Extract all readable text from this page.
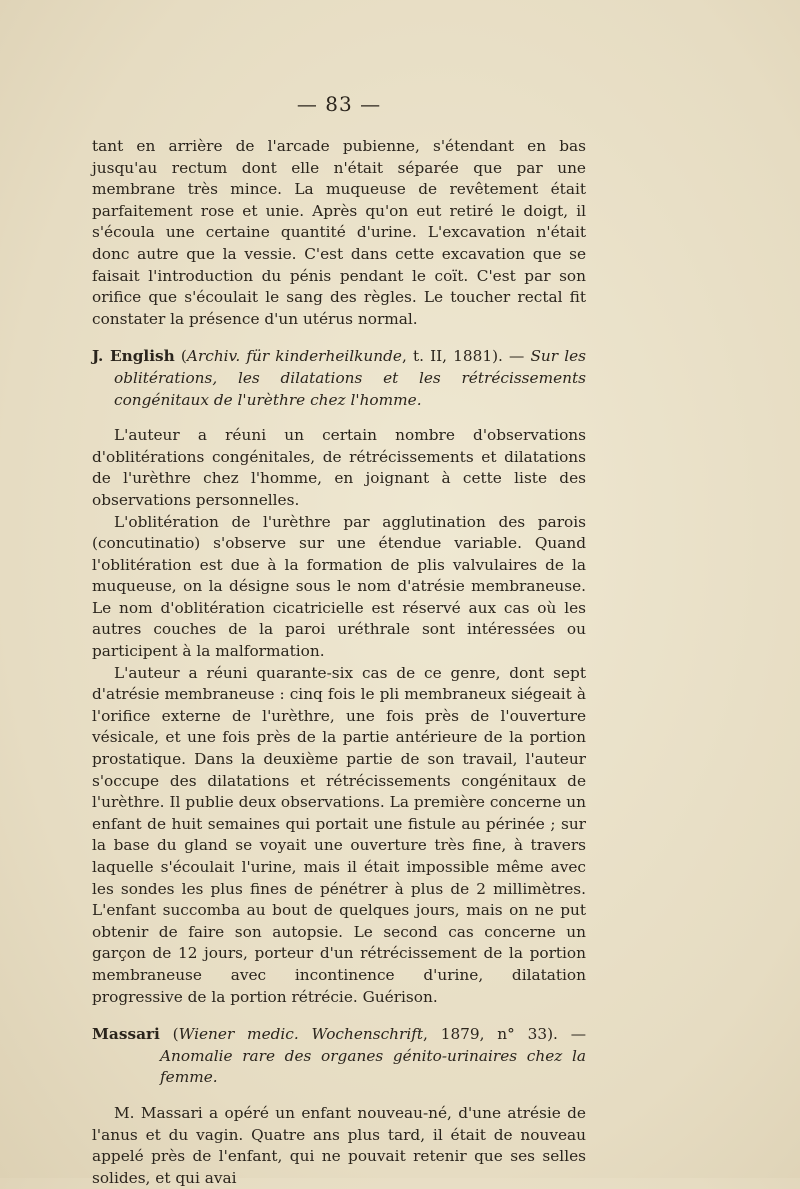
— 83 —

tant en arrière de l'arcade pubienne, s'étendant en bas jusqu'au rectum dont elle n'était séparée que par une membrane très mince. La muqueuse de revêtement était parfaitement rose et unie. Après qu'on eut retiré le doigt, il s'écoula une certaine quantité d'urine. L'excavation n'était donc autre que la vessie. C'est dans cette excavation que se faisait l'introduction du pénis pendant le coït. C'est par son orifice que s'écoulait le sang des règles. Le toucher rectal fit constater la présence d'un utérus normal.

J. English (Archiv. für kinderheilkunde, t. II, 1881). — Sur les oblitérations, les dilatations et les rétrécissements congénitaux de l'urèthre chez l'homme.

L'auteur a réuni un certain nombre d'observations d'oblitérations congénitales, de rétrécissements et dilatations de l'urèthre chez l'homme, en joignant à cette liste des observations personnelles.

L'oblitération de l'urèthre par agglutination des parois (concutinatio) s'observe sur une étendue variable. Quand l'oblitération est due à la formation de plis valvulaires de la muqueuse, on la désigne sous le nom d'atrésie membraneuse. Le nom d'oblitération cicatricielle est réservé aux cas où les autres couches de la paroi uréthrale sont intéressées ou participent à la malformation.

L'auteur a réuni quarante-six cas de ce genre, dont sept d'atrésie membraneuse : cinq fois le pli membraneux siégeait à l'orifice externe de l'urèthre, une fois près de l'ouverture vésicale, et une fois près de la partie antérieure de la portion prostatique. Dans la deuxième partie de son travail, l'auteur s'occupe des dilatations et rétrécissements congénitaux de l'urèthre. Il publie deux observations. La première concerne un enfant de huit semaines qui portait une fistule au périnée ; sur la base du gland se voyait une ouverture très fine, à travers laquelle s'écoulait l'urine, mais il était impossible même avec les sondes les plus fines de pénétrer à plus de 2 millimètres. L'enfant succomba au bout de quelques jours, mais on ne put obtenir de faire son autopsie. Le second cas concerne un garçon de 12 jours, porteur d'un rétrécissement de la portion membraneuse avec incontinence d'urine, dilatation progressive de la portion rétrécie. Guérison.

Massari (Wiener medic. Wochenschrift, 1879, n° 33). — Anomalie rare des organes génito-urinaires chez la femme.

M. Massari a opéré un enfant nouveau-né, d'une atrésie de l'anus et du vagin. Quatre ans plus tard, il était de nouveau appelé près de l'enfant, qui ne pouvait retenir que ses selles solides, et qui avai
